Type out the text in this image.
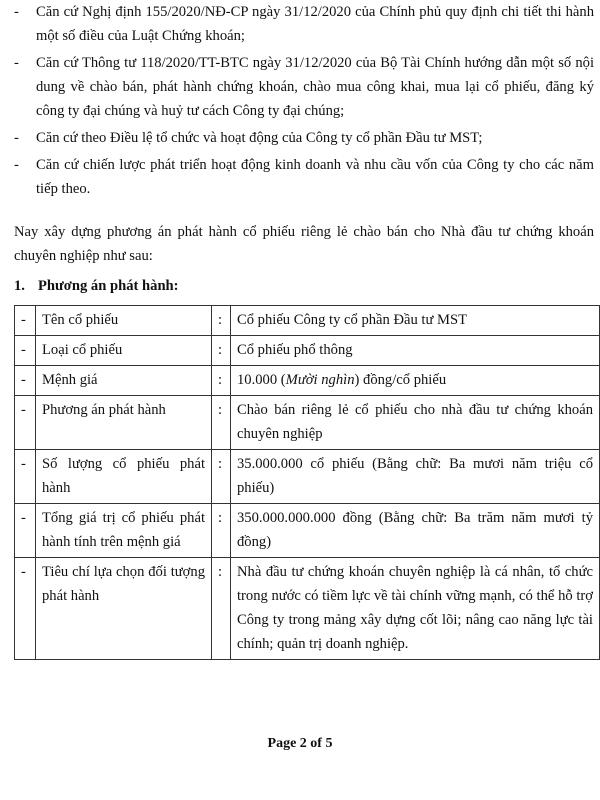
-	Căn cứ Nghị định 155/2020/NĐ-CP ngày 31/12/2020 của Chính phủ quy định chi tiết thi hành một số điều của Luật Chứng khoán;
-	Căn cứ Thông tư 118/2020/TT-BTC ngày 31/12/2020 của Bộ Tài Chính hướng dẫn một số nội dung về chào bán, phát hành chứng khoán, chào mua công khai, mua lại cổ phiếu, đăng ký công ty đại chúng và huỷ tư cách Công ty đại chúng;
-	Căn cứ theo Điều lệ tổ chức và hoạt động của Công ty cổ phần Đầu tư MST;
-	Căn cứ chiến lược phát triển hoạt động kinh doanh và nhu cầu vốn của Công ty cho các năm tiếp theo.
Nay xây dựng phương án phát hành cổ phiếu riêng lẻ chào bán cho Nhà đầu tư chứng khoán chuyên nghiệp như sau:
1. Phương án phát hành:
-	Tên cổ phiếu	:	Cổ phiếu Công ty cổ phần Đầu tư MST
-	Loại cổ phiếu	:	Cổ phiếu phổ thông
-	Mệnh giá	:	10.000 (Mười nghìn) đồng/cổ phiếu
-	Phương án phát hành	:	Chào bán riêng lẻ cổ phiếu cho nhà đầu tư chứng khoán chuyên nghiệp
-	Số lượng cổ phiếu phát hành	:	35.000.000 cổ phiếu (Bằng chữ: Ba mươi năm triệu cổ phiếu)
-	Tổng giá trị cổ phiếu phát hành tính trên mệnh giá	:	350.000.000.000 đồng (Bằng chữ: Ba trăm năm mươi tỷ đồng)
-	Tiêu chí lựa chọn đối tượng phát hành	:	Nhà đầu tư chứng khoán chuyên nghiệp là cá nhân, tổ chức trong nước có tiềm lực về tài chính vững mạnh, có thể hỗ trợ Công ty trong mảng xây dựng cốt lõi; nâng cao năng lực tài chính; quản trị doanh nghiệp.
Page 2 of 5
